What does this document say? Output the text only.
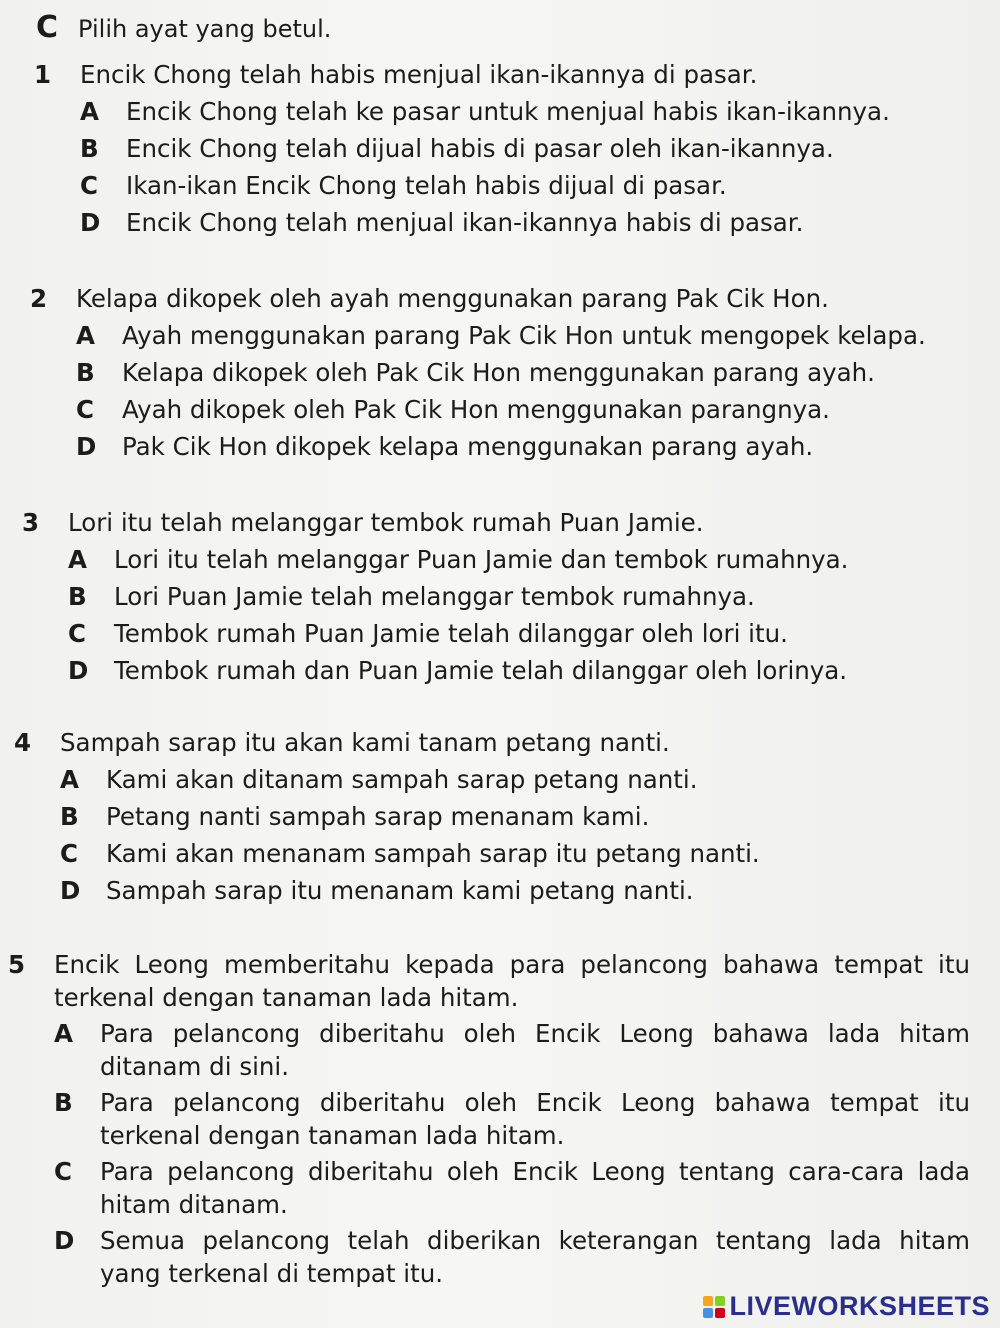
C Pilih ayat yang betul.
1	Encik Chong telah habis menjual ikan-ikannya di pasar.
A	Encik Chong telah ke pasar untuk menjual habis ikan-ikannya.
B	Encik Chong telah dijual habis di pasar oleh ikan-ikannya.
C	Ikan-ikan Encik Chong telah habis dijual di pasar.
D	Encik Chong telah menjual ikan-ikannya habis di pasar.
2	Kelapa dikopek oleh ayah menggunakan parang Pak Cik Hon.
A	Ayah menggunakan parang Pak Cik Hon untuk mengopek kelapa.
B	Kelapa dikopek oleh Pak Cik Hon menggunakan parang ayah.
C	Ayah dikopek oleh Pak Cik Hon menggunakan parangnya.
D	Pak Cik Hon dikopek kelapa menggunakan parang ayah.
3	Lori itu telah melanggar tembok rumah Puan Jamie.
A	Lori itu telah melanggar Puan Jamie dan tembok rumahnya.
B	Lori Puan Jamie telah melanggar tembok rumahnya.
C	Tembok rumah Puan Jamie telah dilanggar oleh lori itu.
D	Tembok rumah dan Puan Jamie telah dilanggar oleh lorinya.
4	Sampah sarap itu akan kami tanam petang nanti.
A	Kami akan ditanam sampah sarap petang nanti.
B	Petang nanti sampah sarap menanam kami.
C	Kami akan menanam sampah sarap itu petang nanti.
D	Sampah sarap itu menanam kami petang nanti.
5	Encik Leong memberitahu kepada para pelancong bahawa tempat itu terkenal dengan tanaman lada hitam.
A	Para pelancong diberitahu oleh Encik Leong bahawa lada hitam ditanam di sini.
B	Para pelancong diberitahu oleh Encik Leong bahawa tempat itu terkenal dengan tanaman lada hitam.
C	Para pelancong diberitahu oleh Encik Leong tentang cara-cara lada hitam ditanam.
D	Semua pelancong telah diberikan keterangan tentang lada hitam yang terkenal di tempat itu.
LIVEWORKSHEETS
